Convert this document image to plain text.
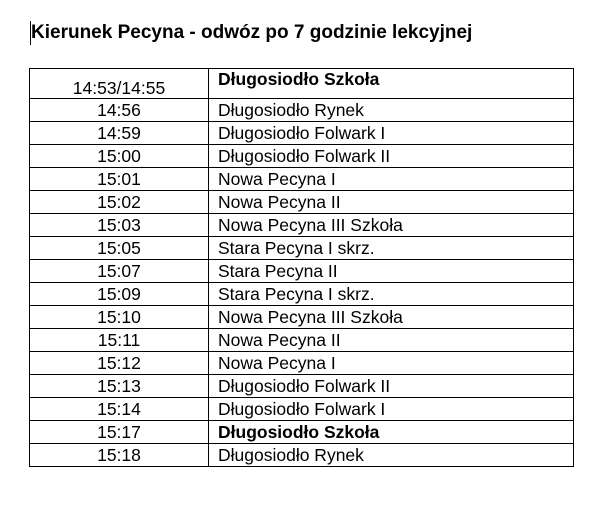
Kierunek Pecyna - odwóz po 7 godzinie lekcyjnej
14:53/14:55	Długosiodło Szkoła
14:56	Długosiodło Rynek
14:59	Długosiodło Folwark I
15:00	Długosiodło Folwark II
15:01	Nowa Pecyna I
15:02	Nowa Pecyna II
15:03	Nowa Pecyna III Szkoła
15:05	Stara Pecyna I skrz.
15:07	Stara Pecyna II
15:09	Stara Pecyna I skrz.
15:10	Nowa Pecyna III Szkoła
15:11	Nowa Pecyna II
15:12	Nowa Pecyna I
15:13	Długosiodło Folwark II
15:14	Długosiodło Folwark I
15:17	Długosiodło Szkoła
15:18	Długosiodło Rynek
